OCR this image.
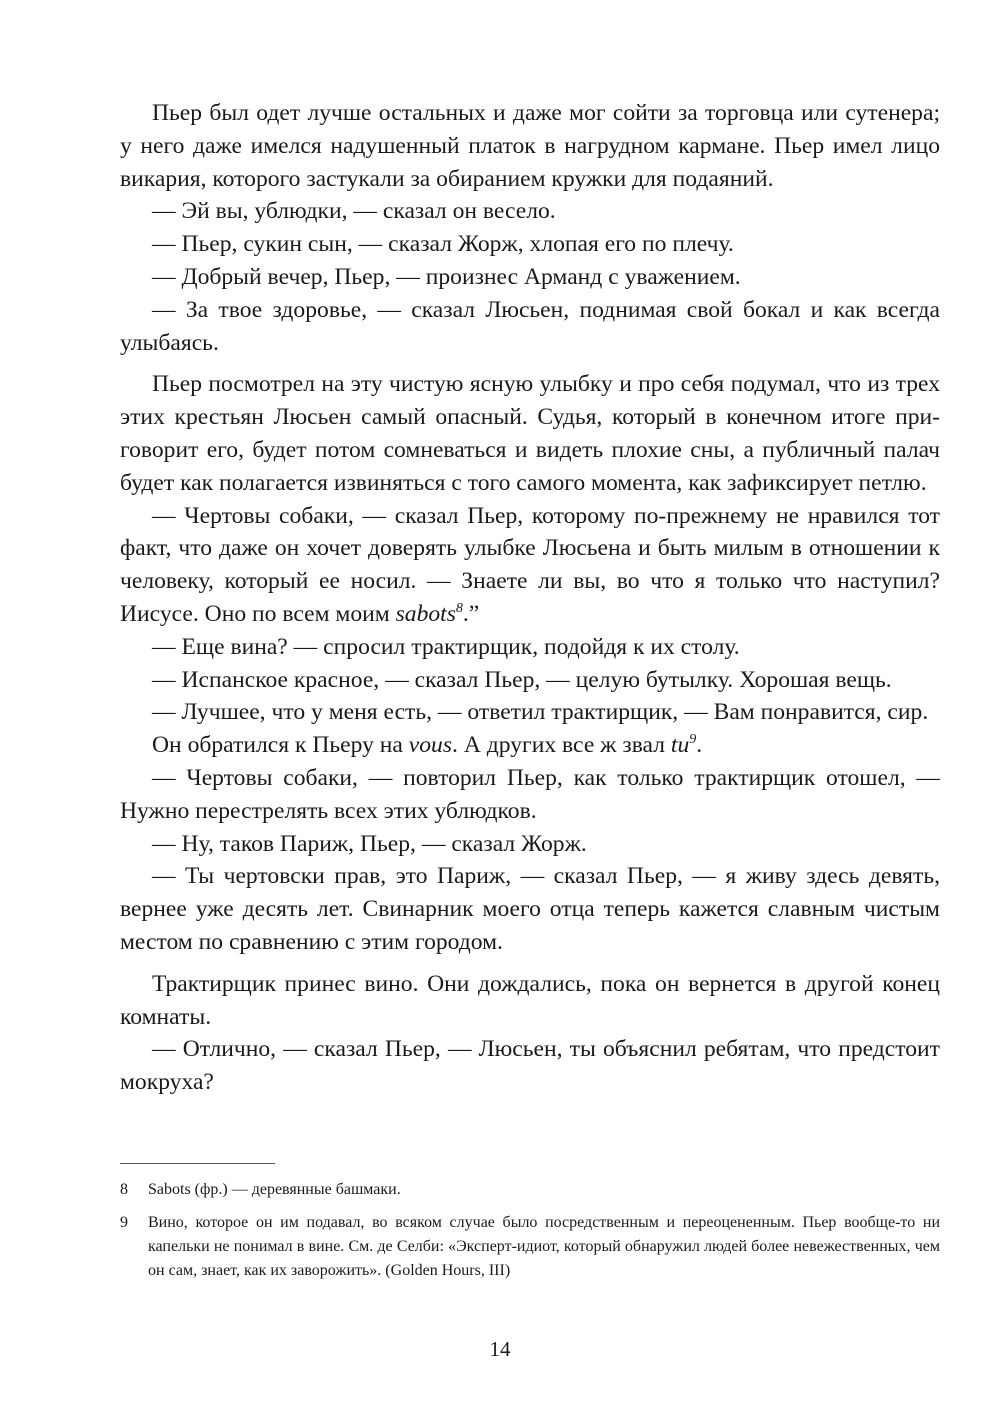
Пьер был одет лучше остальных и даже мог сойти за торговца или сутенера; у него даже имелся надушенный платок в нагрудном кармане. Пьер имел лицо викария, которого застукали за обиранием кружки для подаяний.

— Эй вы, ублюдки, — сказал он весело.

— Пьер, сукин сын, — сказал Жорж, хлопая его по плечу.

— Добрый вечер, Пьер, — произнес Арманд с уважением.

— За твое здоровье, — сказал Люсьен, поднимая свой бокал и как всегда улыбаясь.

Пьер посмотрел на эту чистую ясную улыбку и про себя подумал, что из трех этих крестьян Люсьен самый опасный. Судья, который в конечном итоге приговорит его, будет потом сомневаться и видеть плохие сны, а публичный палач будет как полагается извиняться с того самого момента, как зафиксирует петлю.

— Чертовы собаки, — сказал Пьер, которому по-прежнему не нравился тот факт, что даже он хочет доверять улыбке Люсьена и быть милым в отношении к человеку, который ее носил. — Знаете ли вы, во что я только что наступил? Иисусе. Оно по всем моим sabots$^8$.”

— Еще вина? — спросил трактирщик, подойдя к их столу.

— Испанское красное, — сказал Пьер, — целую бутылку. Хорошая вещь.

— Лучшее, что у меня есть, — ответил трактирщик, — Вам понравится, сир.

Он обратился к Пьеру на vous. А других все ж звал $tu^9$.

— Чертовы собаки, — повторил Пьер, как только трактирщик отошел, — Нужно перестрелять всех этих ублюдков.

— Ну, таков Париж, Пьер, — сказал Жорж.

— Ты чертовски прав, это Париж, — сказал Пьер, — я живу здесь девять, вернее уже десять лет. Свинарник моего отца теперь кажется славным чистым местом по сравнению с этим городом.

Трактирщик принес вино. Они дождались, пока он вернется в другой конец комнаты.

— Отлично, — сказал Пьер, — Люсьен, ты объяснил ребятам, что предстоит мокруха?

8	Sabots (фр.) — деревянные башмаки.
9	Вино, которое он им подавал, во всяком случае было посредственным и переоцененным. Пьер вообще-то ни капельки не понимал в вине. См. де Селби: «Эксперт-идиот, который обнаружил людей более невежественных, чем он сам, знает, как их заворожить». (Golden Hours, III)
14
